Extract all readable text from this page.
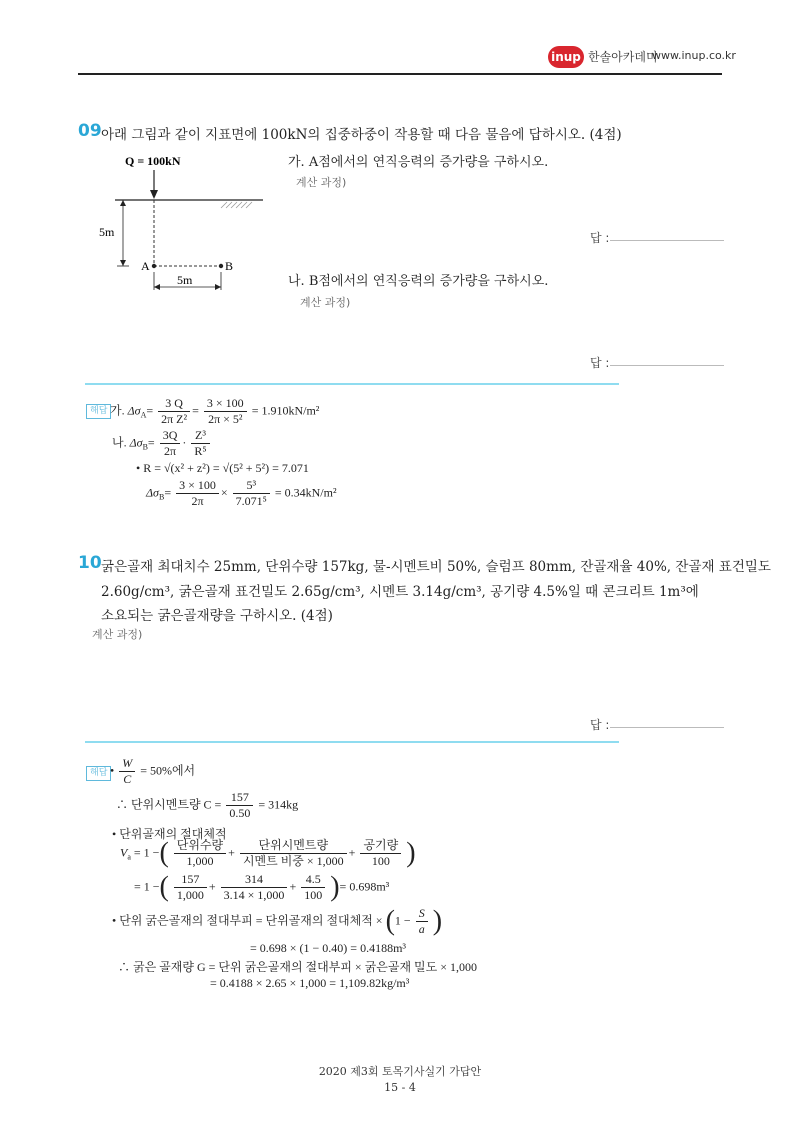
inup 한솔아카데미
www.inup.co.kr
09 아래 그림과 같이 지표면에 100kN의 집중하중이 작용할 때 다음 물음에 답하시오. (4점)
Q = 100kN
A	B
5m
5m
가. A점에서의 연직응력의 증가량을 구하시오.
계산 과정)
답 :
나. B점에서의 연직응력의 증가량을 구하시오.
계산 과정)
답 :
해답 가. $\Delta\sigma_A= \frac{3 Q}{\text{2π Z²}} = \frac{3 \times 100}{\text{2π × 5²}} = 1.910kN/m^2$
나. $\Delta\sigma_B= \frac{3Q}{2\pi} \cdot \frac{\text{Z³}}{\text{R⁵}}$
• R = √(x² + z²) = √(5² + 5²) = 7.071
$\Delta\sigma_B= \frac{3 \times 100}{2\pi} \times \frac{\text{5³}}{\text{7.071⁵}} = 0.34kN/m^2$
10 굵은골재 최대치수 25mm, 단위수량 157kg, 물-시멘트비 50%, 슬럼프 80mm, 잔골재율 40%, 잔골재 표건밀도
2.60g/cm³, 굵은골재 표건밀도 2.65g/cm³, 시멘트 3.14g/cm³, 공기량 4.5%일 때 콘크리트 1m³에
소요되는 굵은골재량을 구하시오. (4점)
계산 과정)
답 :
해답 • $\frac{W}{C} = 50\%$에서
∴ 단위시멘트량 $C = \frac{157}{0.50} = 314kg$
• 단위골재의 절대체적
$V_a = 1$ −( $\frac{\text{단위수량}}{1,000} + \frac{\text{단위시멘트량}}{\text{시멘트 비중 × 1,000}} + \frac{\text{공기량}}{100}$ )
= 1 −( $\frac{157}{1,000} + \frac{314}{3.14 \times 1,000} + \frac{4.5}{100}$ )= 0.698m³
• 단위 굵은골재의 절대부피 = 단위골재의 절대체적 × ($1 - \frac{S}{a}$ )
= 0.698 × (1 − 0.40) = 0.4188m³
∴ 굵은 골재량 G = 단위 굵은골재의 절대부피 × 굵은골재 밀도 × 1,000
= 0.4188 × 2.65 × 1,000 = 1,109.82kg/m³
2020 제3회 토목기사실기 가답안
15 - 4
